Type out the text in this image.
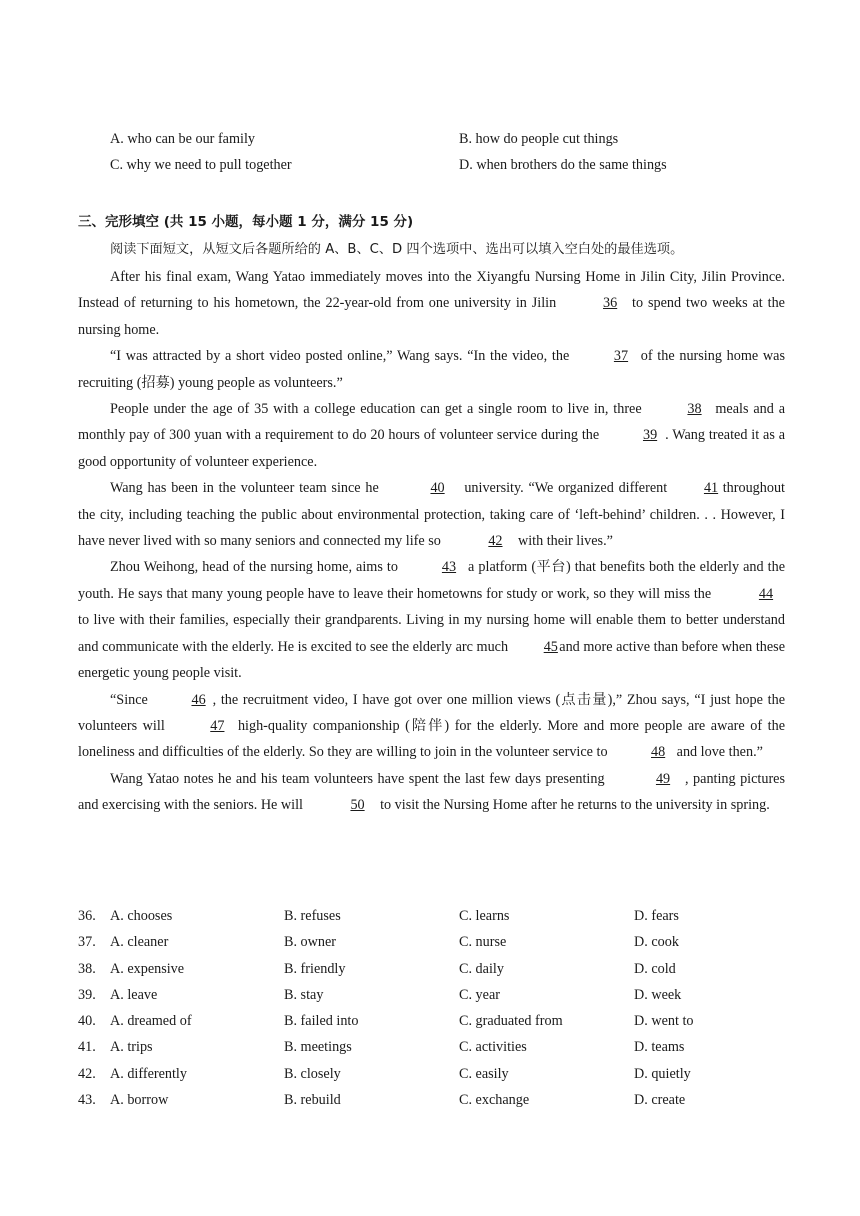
A. who can be our family	B. how do people cut things
C. why we need to pull together	D. when brothers do the same things
三、完形填空 (共 15 小题，每小题 1 分，满分 15 分)
阅读下面短文，从短文后各题所给的 A、B、C、D 四个选项中、选出可以填入空白处的最佳选项。

After his final exam, Wang Yatao immediately moves into the Xiyangfu Nursing Home in Jilin City, Jilin Province. Instead of returning to his hometown, the 22-year-old from one university in Jilin	36 to spend two weeks at the nursing home.

“I was attracted by a short video posted online,” Wang says. “In the video, the	37 of the nursing home was recruiting (招募) young people as volunteers.”

People under the age of 35 with a college education can get a single room to live in, three	38 meals and a monthly pay of 300 yuan with a requirement to do 20 hours of volunteer service during the	39 . Wang treated it as a good opportunity of volunteer experience.

Wang has been in the volunteer team since he	40 university. “We organized different 41 throughout the city, including teaching the public about environmental protection, taking care of ‘left-behind’ children. . . However, I have never lived with so many seniors and connected my life so	42 with their lives.”

Zhou Weihong, head of the nursing home, aims to	43 a platform (平台) that benefits both the elderly and the youth. He says that many young people have to leave their hometowns for study or work, so they will miss the	44 to live with their families, especially their grandparents. Living in my nursing home will enable them to better understand and communicate with the elderly. He is excited to see the elderly arc much 45 and more active than before when these energetic young people visit.

“Since	46 , the recruitment video, I have got over one million views (点击量),” Zhou says, “I just hope the volunteers will	47 high-quality companionship (陪伴) for the elderly. More and more people are aware of the loneliness and difficulties of the elderly. So they are willing to join in the volunteer service to	48 and love then.”

Wang Yatao notes he and his team volunteers have spent the last few days presenting	49 , panting pictures and exercising with the seniors. He will	50 to visit the Nursing Home after he returns to the university in spring.

36. A. chooses	B. refuses	C. learns	D. fears
37. A. cleaner	B. owner	C. nurse	D. cook
38. A. expensive	B. friendly	C. daily	D. cold
39. A. leave	B. stay	C. year	D. week
40. A. dreamed of	B. failed into	C. graduated from	D. went to
41. A. trips	B. meetings	C. activities	D. teams
42. A. differently	B. closely	C. easily	D. quietly
43. A. borrow	B. rebuild	C. exchange	D. create
